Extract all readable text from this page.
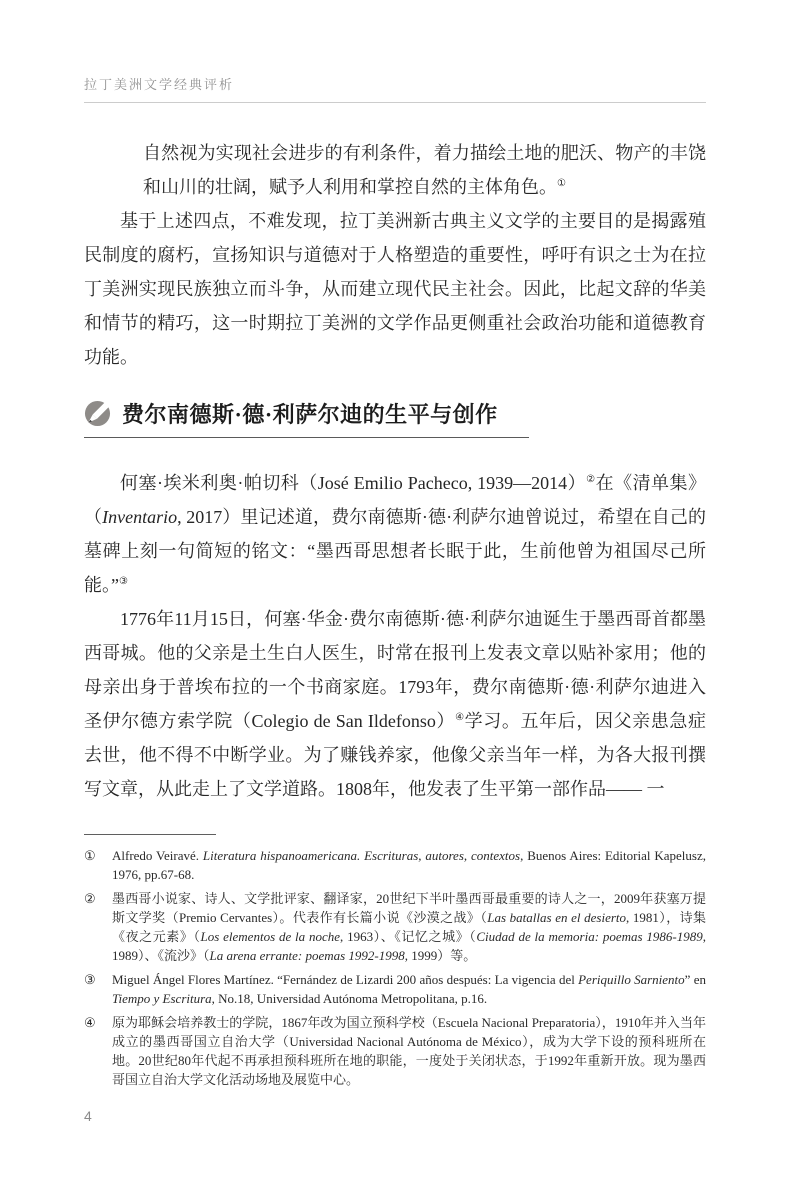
拉丁美洲文学经典评析

自然视为实现社会进步的有利条件，着力描绘土地的肥沃、物产的丰饶和山川的壮阔，赋予人利用和掌控自然的主体角色。①

基于上述四点，不难发现，拉丁美洲新古典主义文学的主要目的是揭露殖民制度的腐朽，宣扬知识与道德对于人格塑造的重要性，呼吁有识之士为在拉丁美洲实现民族独立而斗争，从而建立现代民主社会。因此，比起文辞的华美和情节的精巧，这一时期拉丁美洲的文学作品更侧重社会政治功能和道德教育功能。

费尔南德斯·德·利萨尔迪的生平与创作

何塞·埃米利奥·帕切科（José Emilio Pacheco, 1939—2014）②在《清单集》（Inventario, 2017）里记述道，费尔南德斯·德·利萨尔迪曾说过，希望在自己的墓碑上刻一句简短的铭文：“墨西哥思想者长眠于此，生前他曾为祖国尽己所能。”③

1776年11月15日，何塞·华金·费尔南德斯·德·利萨尔迪诞生于墨西哥首都墨西哥城。他的父亲是土生白人医生，时常在报刊上发表文章以贴补家用；他的母亲出身于普埃布拉的一个书商家庭。1793年，费尔南德斯·德·利萨尔迪进入圣伊尔德方索学院（Colegio de San Ildefonso）④学习。五年后，因父亲患急症去世，他不得不中断学业。为了赚钱养家，他像父亲当年一样，为各大报刊撰写文章，从此走上了文学道路。1808年，他发表了生平第一部作品—— 一

①	Alfredo Veiravé. Literatura hispanoamericana. Escrituras, autores, contextos, Buenos Aires: Editorial Kapelusz, 1976, pp.67-68.
②	墨西哥小说家、诗人、文学批评家、翻译家，20世纪下半叶墨西哥最重要的诗人之一，2009年获塞万提斯文学奖（Premio Cervantes）。代表作有长篇小说《沙漠之战》（Las batallas en el desierto, 1981），诗集《夜之元素》（Los elementos de la noche, 1963）、《记忆之城》（Ciudad de la memoria: poemas 1986-1989, 1989）、《流沙》（La arena errante: poemas 1992-1998, 1999）等。
③	Miguel Ángel Flores Martínez. “Fernández de Lizardi 200 años después: La vigencia del Periquillo Sarniento” en Tiempo y Escritura, No.18, Universidad Autónoma Metropolitana, p.16.
④	原为耶稣会培养教士的学院，1867年改为国立预科学校（Escuela Nacional Preparatoria），1910年并入当年成立的墨西哥国立自治大学（Universidad Nacional Autónoma de México），成为大学下设的预科班所在地。20世纪80年代起不再承担预科班所在地的职能，一度处于关闭状态，于1992年重新开放。现为墨西哥国立自治大学文化活动场地及展览中心。
4
